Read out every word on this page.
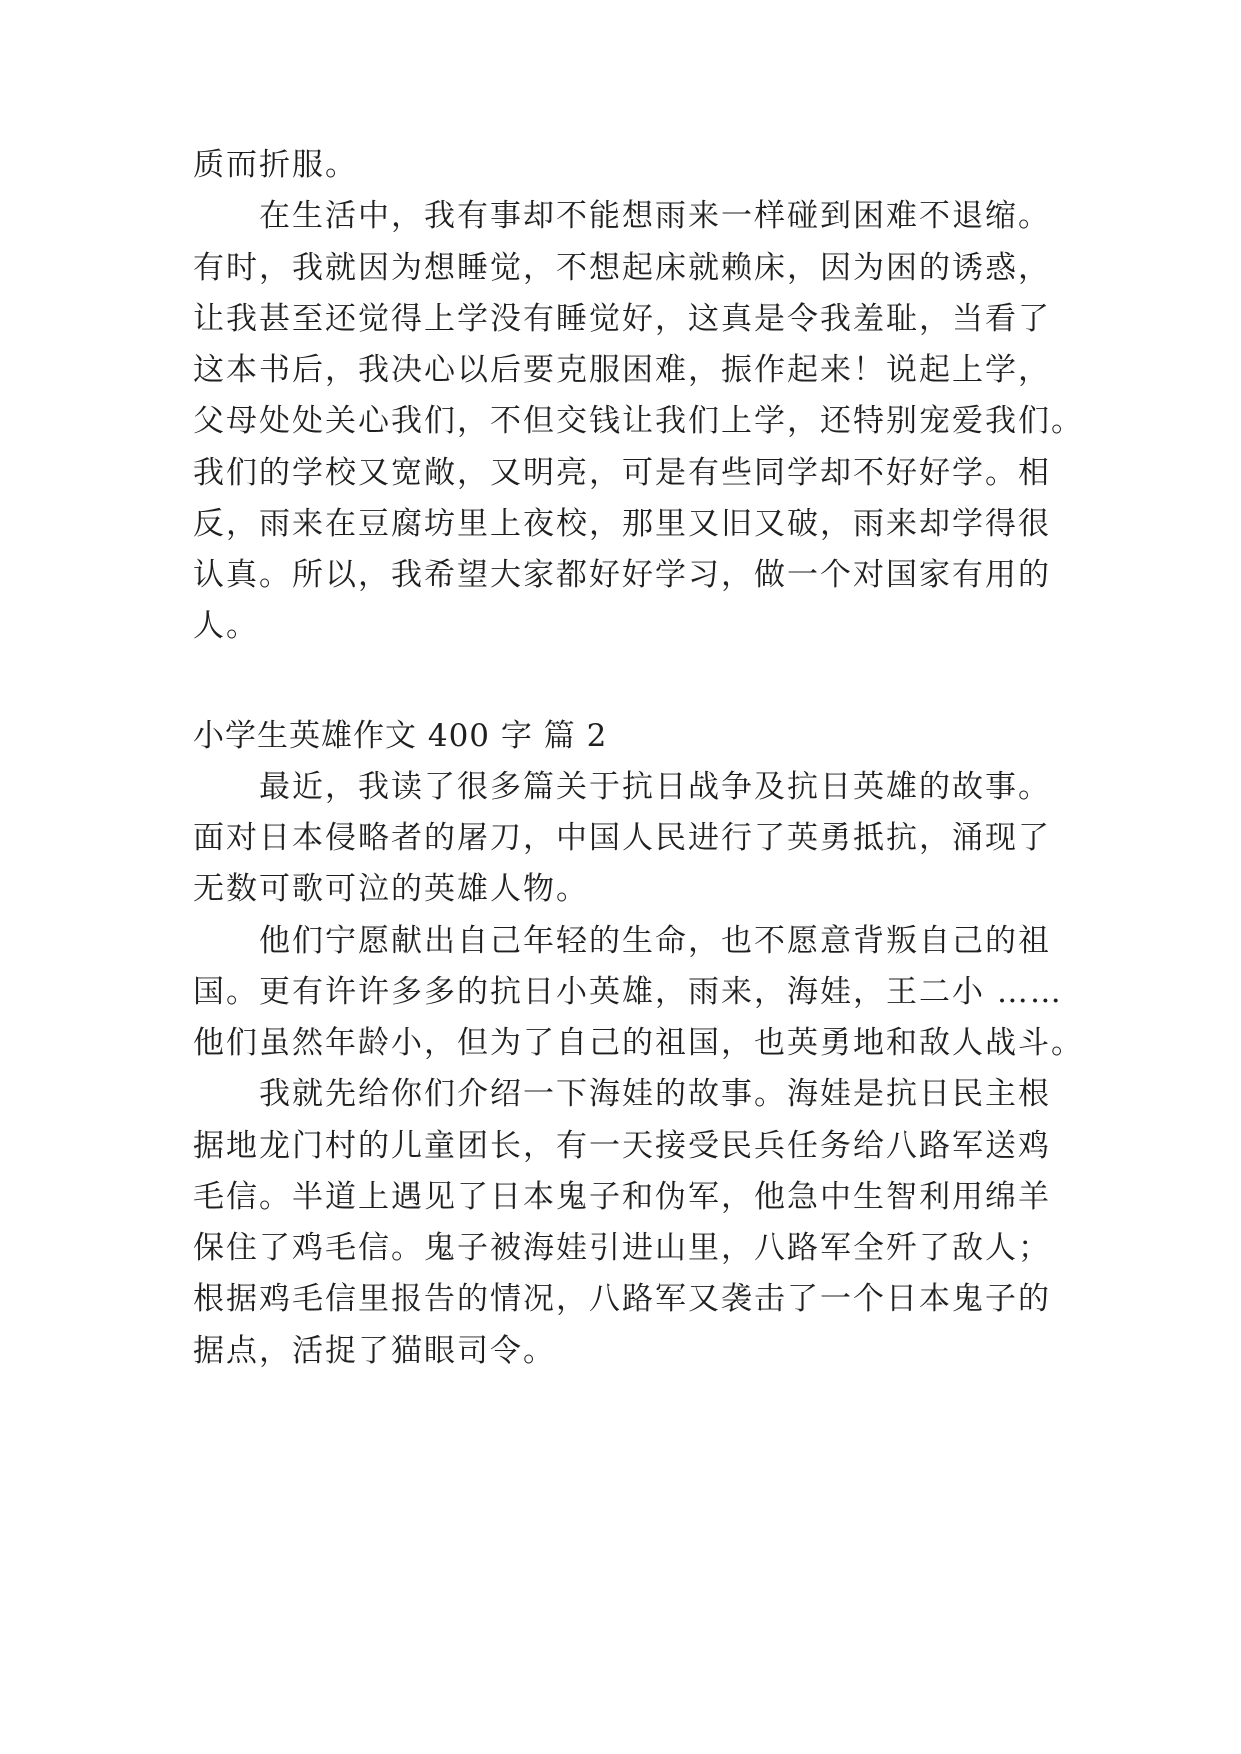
质而折服。
在生活中，我有事却不能想雨来一样碰到困难不退缩。
有时，我就因为想睡觉，不想起床就赖床，因为困的诱惑，
让我甚至还觉得上学没有睡觉好，这真是令我羞耻，当看了
这本书后，我决心以后要克服困难，振作起来！说起上学，
父母处处关心我们，不但交钱让我们上学，还特别宠爱我们。
我们的学校又宽敞，又明亮，可是有些同学却不好好学。相
反，雨来在豆腐坊里上夜校，那里又旧又破，雨来却学得很
认真。所以，我希望大家都好好学习，做一个对国家有用的
人。
小学生英雄作文 400 字 篇 2
最近，我读了很多篇关于抗日战争及抗日英雄的故事。
面对日本侵略者的屠刀，中国人民进行了英勇抵抗，涌现了
无数可歌可泣的英雄人物。
他们宁愿献出自己年轻的生命，也不愿意背叛自己的祖
国。更有许许多多的抗日小英雄，雨来，海娃，王二小 ……
他们虽然年龄小，但为了自己的祖国，也英勇地和敌人战斗。
我就先给你们介绍一下海娃的故事。海娃是抗日民主根
据地龙门村的儿童团长，有一天接受民兵任务给八路军送鸡
毛信。半道上遇见了日本鬼子和伪军，他急中生智利用绵羊
保住了鸡毛信。鬼子被海娃引进山里，八路军全歼了敌人；
根据鸡毛信里报告的情况，八路军又袭击了一个日本鬼子的
据点，活捉了猫眼司令。
